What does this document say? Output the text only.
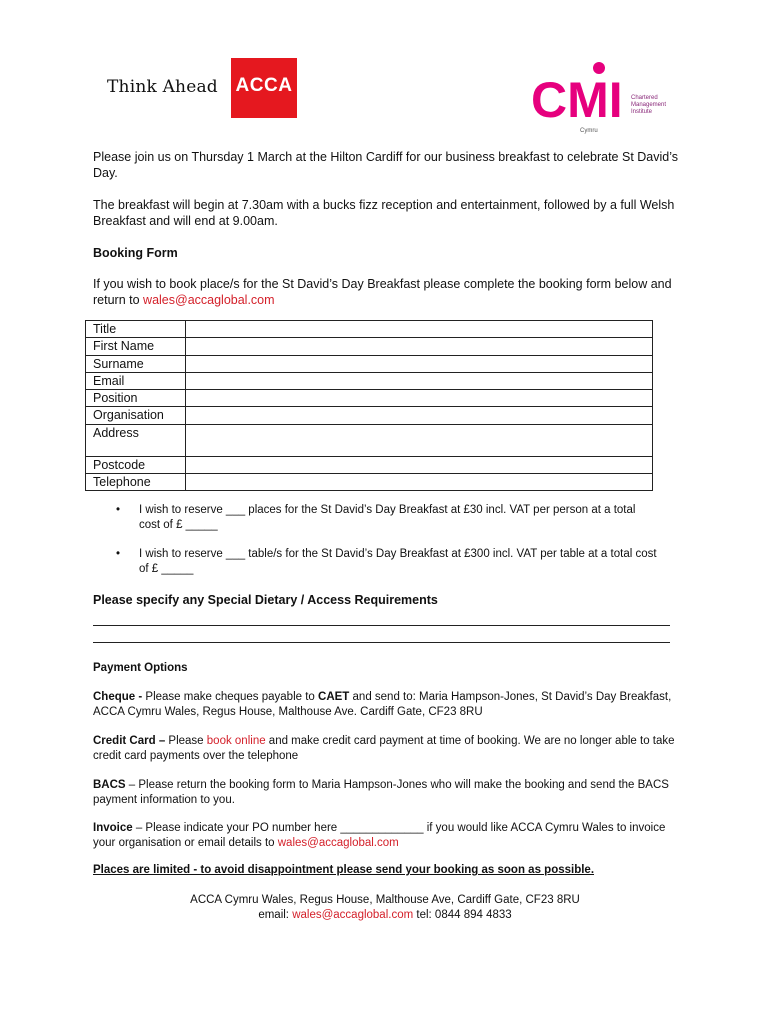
Think Ahead ACCA	CMI Chartered
Management
Institute
Cymru
Please join us on Thursday 1 March at the Hilton Cardiff for our business breakfast to celebrate St David’s Day.
The breakfast will begin at 7.30am with a bucks fizz reception and entertainment, followed by a full Welsh Breakfast and will end at 9.00am.
Booking Form
If you wish to book place/s for the St David’s Day Breakfast please complete the booking form below and return to wales@accaglobal.com
Title	
First Name	
Surname	
Email	
Position	
Organisation	
Address	
Postcode	
Telephone	
• I wish to reserve ___ places for the St David’s Day Breakfast at £30 incl. VAT per person at a total cost of £ _____
• I wish to reserve ___ table/s for the St David’s Day Breakfast at £300 incl. VAT per table at a total cost of £ _____
Please specify any Special Dietary / Access Requirements
Payment Options
Cheque - Please make cheques payable to CAET and send to: Maria Hampson-Jones, St David’s Day Breakfast, ACCA Cymru Wales, Regus House, Malthouse Ave. Cardiff Gate, CF23 8RU
Credit Card – Please book online and make credit card payment at time of booking. We are no longer able to take credit card payments over the telephone
BACS – Please return the booking form to Maria Hampson-Jones who will make the booking and send the BACS payment information to you.
Invoice – Please indicate your PO number here _____________ if you would like ACCA Cymru Wales to invoice your organisation or email details to wales@accaglobal.com
Places are limited - to avoid disappointment please send your booking as soon as possible.
ACCA Cymru Wales, Regus House, Malthouse Ave, Cardiff Gate, CF23 8RU
email: wales@accaglobal.com tel: 0844 894 4833
